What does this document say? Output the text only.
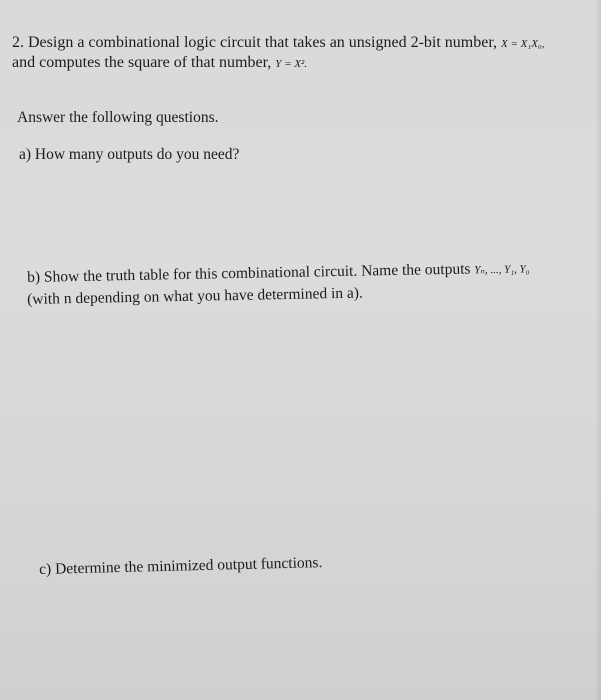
2. Design a combinational logic circuit that takes an unsigned 2-bit number, X = X₁X₀,
and computes the square of that number, Y = X².
Answer the following questions.
a) How many outputs do you need?
b) Show the truth table for this combinational circuit. Name the outputs Yₙ, ..., Y₁, Y₀
(with n depending on what you have determined in a).
c) Determine the minimized output functions.
